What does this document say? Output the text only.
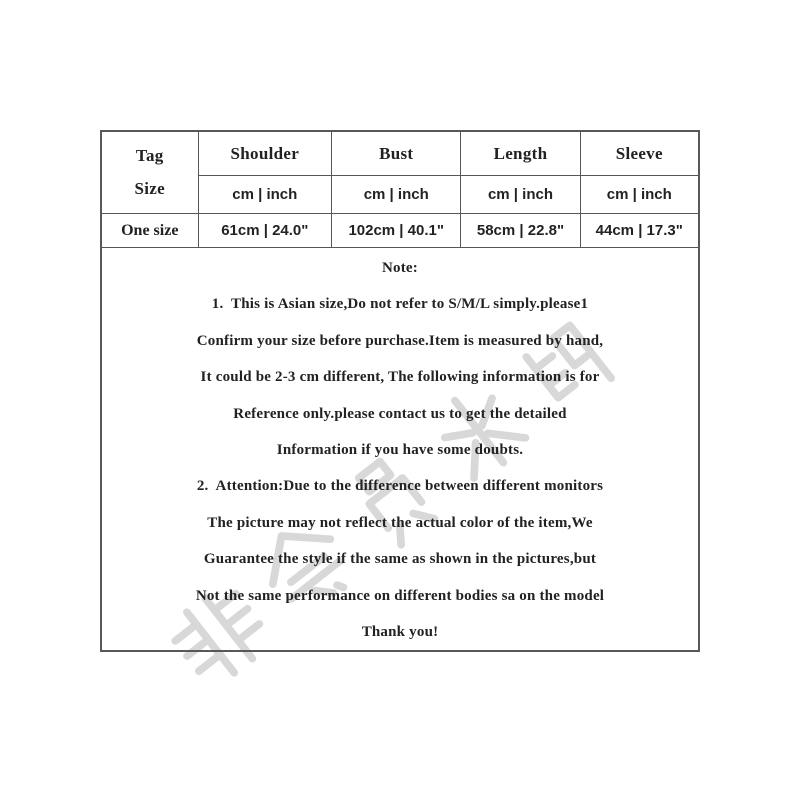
Tag
Size
Shoulder	Bust	Length	Sleeve
cm | inch	cm | inch	cm | inch	cm | inch
One size	61cm | 24.0"	102cm | 40.1"	58cm | 22.8"	44cm | 17.3"
Note:
1.  This is Asian size,Do not refer to S/M/L simply.please1
Confirm your size before purchase.Item is measured by hand,
It could be 2-3 cm different, The following information is for
Reference only.please contact us to get the detailed
Information if you have some doubts.
2.  Attention:Due to the difference between different monitors
The picture may not reflect the actual color of the item,We
Guarantee the style if the same as shown in the pictures,but
Not the same performance on different bodies sa on the model
Thank you!
